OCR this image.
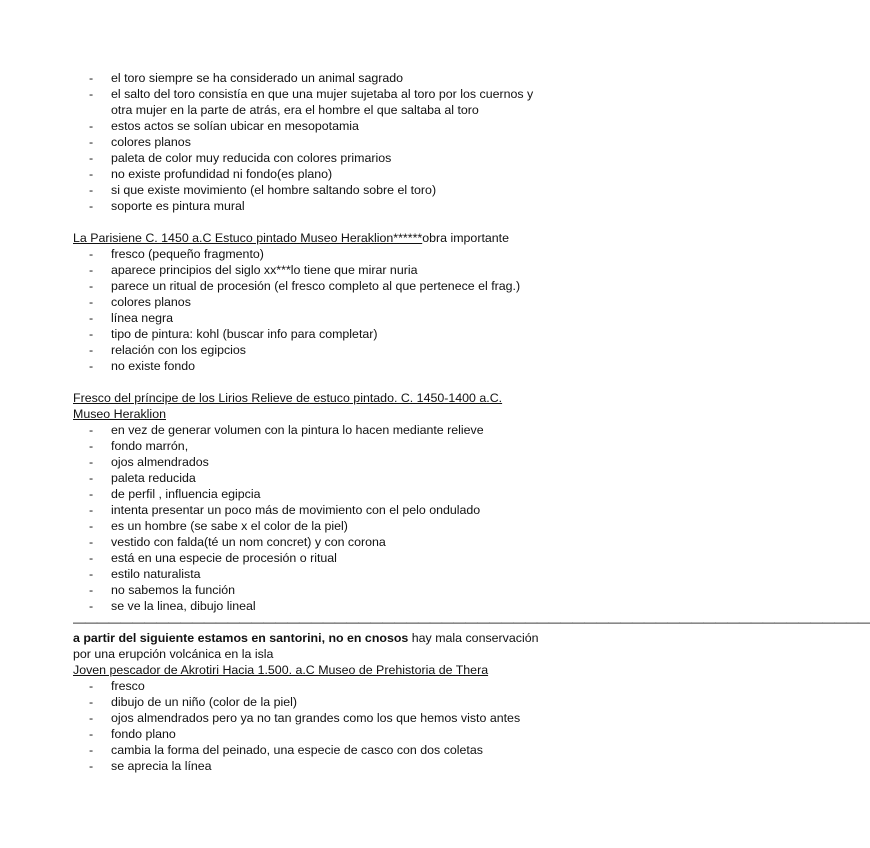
- el toro siempre se ha considerado un animal sagrado
- el salto del toro consistía en que una mujer sujetaba al toro por los cuernos y otra mujer en la parte de atrás, era el hombre el que saltaba al toro
- estos actos se solían ubicar en mesopotamia
- colores planos
- paleta de color muy reducida con colores primarios
- no existe profundidad ni fondo(es plano)
- si que existe movimiento (el hombre saltando sobre el toro)
- soporte es pintura mural
La Parisiene C. 1450 a.C Estuco pintado Museo Heraklion******obra importante
- fresco (pequeño fragmento)
- aparece principios del siglo xx***lo tiene que mirar nuria
- parece un ritual de procesión (el fresco completo al que pertenece el frag.)
- colores planos
- línea negra
- tipo de pintura: kohl (buscar info para completar)
- relación con los egipcios
- no existe fondo
Fresco del príncipe de los Lirios Relieve de estuco pintado. C. 1450-1400 a.C.
Museo Heraklion
- en vez de generar volumen con la pintura lo hacen mediante relieve
- fondo marrón,
- ojos almendrados
- paleta reducida
- de perfil , influencia egipcia
- intenta presentar un poco más de movimiento con el pelo ondulado
- es un hombre (se sabe x el color de la piel)
- vestido con falda(té un nom concret) y con corona
- está en una especie de procesión o ritual
- estilo naturalista
- no sabemos la función
- se ve la linea, dibujo lineal
———————————————————————————————————————————————————————————————————
a partir del siguiente estamos en santorini, no en cnosos hay mala conservación
por una erupción volcánica en la isla
Joven pescador de Akrotiri Hacia 1.500. a.C Museo de Prehistoria de Thera
- fresco
- dibujo de un niño (color de la piel)
- ojos almendrados pero ya no tan grandes como los que hemos visto antes
- fondo plano
- cambia la forma del peinado, una especie de casco con dos coletas
- se aprecia la línea
